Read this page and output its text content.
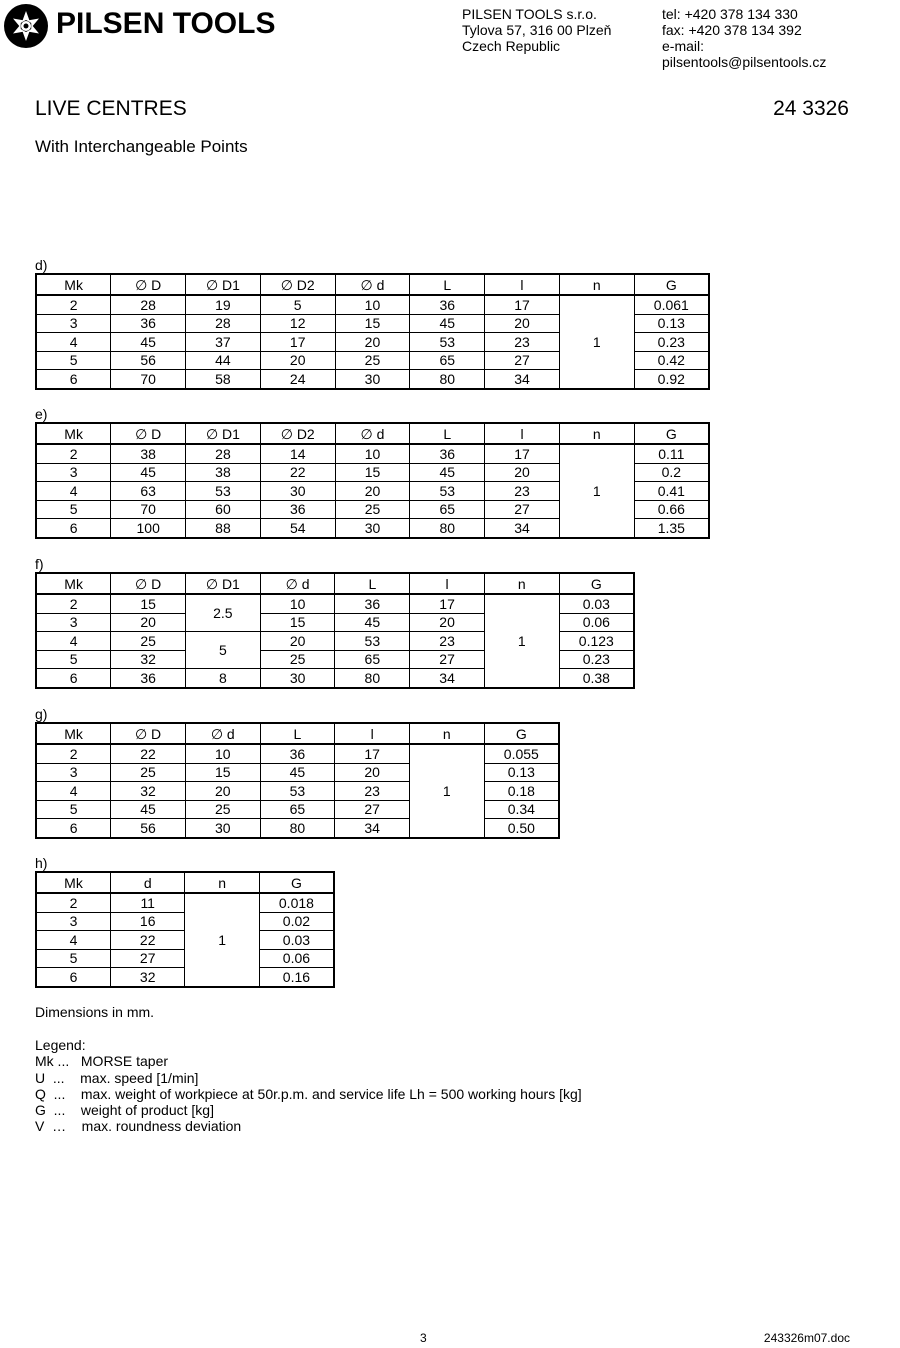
PILSEN TOOLS	PILSEN TOOLS s.r.o.
Tylova 57, 316 00 Plzeň
Czech Republic
tel: +420 378 134 330
fax: +420 378 134 392
e-mail:
pilsentools@pilsentools.cz
LIVE CENTRES	24 3326
With Interchangeable Points
d)
Mk	∅ D	∅ D1	∅ D2	∅ d	L	l	n	G
2	28	19	5	10	36	17	1	0.061
3	36	28	12	15	45	20		0.13
4	45	37	17	20	53	23		0.23
5	56	44	20	25	65	27		0.42
6	70	58	24	30	80	34		0.92
e)
Mk	∅ D	∅ D1	∅ D2	∅ d	L	l	n	G
2	38	28	14	10	36	17	1	0.11
3	45	38	22	15	45	20		0.2
4	63	53	30	20	53	23		0.41
5	70	60	36	25	65	27		0.66
6	100	88	54	30	80	34		1.35
f)
Mk	∅ D	∅ D1	∅ d	L	l	n	G
2	15	2.5	10	36	17	1	0.03
3	20		15	45	20		0.06
4	25	5	20	53	23		0.123
5	32		25	65	27		0.23
6	36	8	30	80	34		0.38
g)
Mk	∅ D	∅ d	L	l	n	G
2	22	10	36	17	1	0.055
3	25	15	45	20		0.13
4	32	20	53	23		0.18
5	45	25	65	27		0.34
6	56	30	80	34		0.50
h)
Mk	d	n	G
2	11	1	0.018
3	16		0.02
4	22		0.03
5	27		0.06
6	32		0.16
Dimensions in mm.
Legend:
Mk ...   MORSE taper
U  ...    max. speed [1/min]
Q  ...    max. weight of workpiece at 50r.p.m. and service life Lh = 500 working hours [kg]
G  ...    weight of product [kg]
V  …    max. roundness deviation
3	243326m07.doc
